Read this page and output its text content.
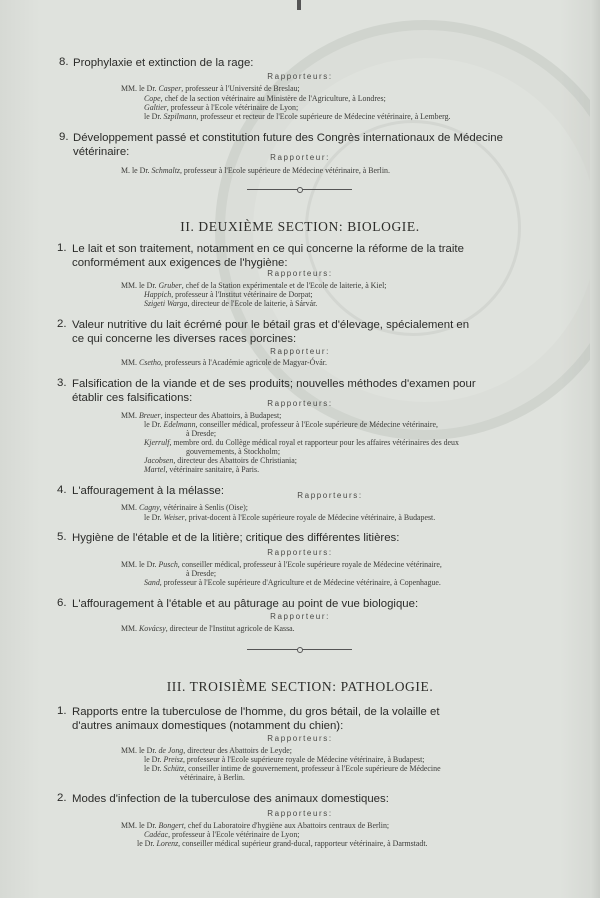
8. Prophylaxie et extinction de la rage:
Rapporteurs:
MM. le Dr. Casper, professeur à l'Université de Breslau;
Cope, chef de la section vétérinaire au Ministère de l'Agriculture, à Londres;
Galtier, professeur à l'Ecole vétérinaire de Lyon;
le Dr. Szpilmann, professeur et recteur de l'Ecole supérieure de Médecine vétérinaire, à Lemberg.
9. Développement passé et constitution future des Congrès internationaux de Médecine
vétérinaire:	Rapporteur:
M. le Dr. Schmaltz, professeur à l'Ecole supérieure de Médecine vétérinaire, à Berlin.
II. DEUXIÈME SECTION: BIOLOGIE.
1. Le lait et son traitement, notamment en ce qui concerne la réforme de la traite
conformément aux exigences de l'hygiène:
Rapporteurs:
MM. le Dr. Gruber, chef de la Station expérimentale et de l'Ecole de laiterie, à Kiel;
Happich, professeur à l'Institut vétérinaire de Dorpat;
Szigeti Warga, directeur de l'Ecole de laiterie, à Sárvár.
2. Valeur nutritive du lait écrémé pour le bétail gras et d'élevage, spécialement en
ce qui concerne les diverses races porcines:
Rapporteur:
MM. Csetho, professeurs à l'Académie agricole de Magyar-Óvár.
3. Falsification de la viande et de ses produits; nouvelles méthodes d'examen pour
établir ces falsifications:	Rapporteurs:
MM. Breuer, inspecteur des Abattoirs, à Budapest;
le Dr. Edelmann, conseiller médical, professeur à l'Ecole supérieure de Médecine vétérinaire,
à Dresde;
Kjerrulf, membre ord. du Collège médical royal et rapporteur pour les affaires vétérinaires des deux
gouvernements, à Stockholm;
Jacobsen, directeur des Abattoirs de Christiania;
Martel, vétérinaire sanitaire, à Paris.
4. L'affouragement à la mélasse:	Rapporteurs:
MM. Cagny, vétérinaire à Senlis (Oise);
le Dr. Weiser, privat-docent à l'Ecole supérieure royale de Médecine vétérinaire, à Budapest.
5. Hygiène de l'étable et de la litière; critique des différentes litières:
Rapporteurs:
MM. le Dr. Pusch, conseiller médical, professeur à l'Ecole supérieure royale de Médecine vétérinaire,
à Dresde;
Sand, professeur à l'Ecole supérieure d'Agriculture et de Médecine vétérinaire, à Copenhague.
6. L'affouragement à l'étable et au pâturage au point de vue biologique:
Rapporteur:
MM. Kovácsy, directeur de l'Institut agricole de Kassa.
III. TROISIÈME SECTION: PATHOLOGIE.
1. Rapports entre la tuberculose de l'homme, du gros bétail, de la volaille et
d'autres animaux domestiques (notamment du chien):
Rapporteurs:
MM. le Dr. de Jong, directeur des Abattoirs de Leyde;
le Dr. Preisz, professeur à l'Ecole supérieure royale de Médecine vétérinaire, à Budapest;
le Dr. Schütz, conseiller intime de gouvernement, professeur à l'Ecole supérieure de Médecine
vétérinaire, à Berlin.
2. Modes d'infection de la tuberculose des animaux domestiques:
Rapporteurs:
MM. le Dr. Bongert, chef du Laboratoire d'hygiène aux Abattoirs centraux de Berlin;
Cadéac, professeur à l'Ecole vétérinaire de Lyon;
le Dr. Lorenz, conseiller médical supérieur grand-ducal, rapporteur vétérinaire, à Darmstadt.
